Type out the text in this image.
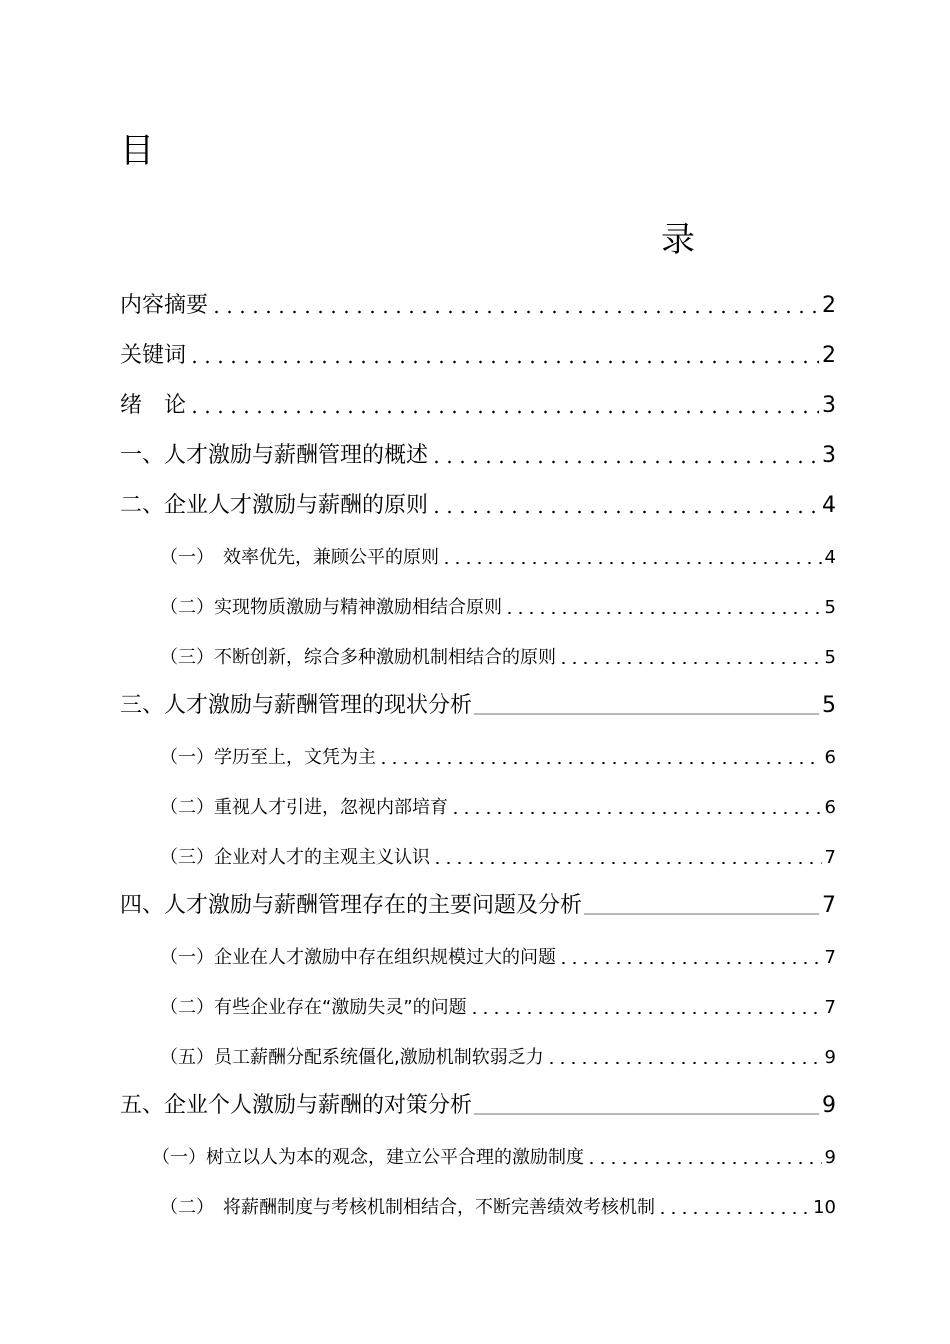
目
录
内容摘要	2
关键词	2
绪　论	3
一、人才激励与薪酬管理的概述	3
二、企业人才激励与薪酬的原则	4
（一）　效率优先，兼顾公平的原则	4
（二）实现物质激励与精神激励相结合原则	5
（三）不断创新，综合多种激励机制相结合的原则	5
三、人才激励与薪酬管理的现状分析	5
（一）学历至上，文凭为主	6
（二）重视人才引进，忽视内部培育	6
（三）企业对人才的主观主义认识	7
四、人才激励与薪酬管理存在的主要问题及分析	7
（一）企业在人才激励中存在组织规模过大的问题	7
（二）有些企业存在“激励失灵”的问题	7
（五）员工薪酬分配系统僵化,激励机制软弱乏力	9
五、企业个人激励与薪酬的对策分析	9
（一）树立以人为本的观念，建立公平合理的激励制度	9
（二）　将薪酬制度与考核机制相结合，不断完善绩效考核机制	10
